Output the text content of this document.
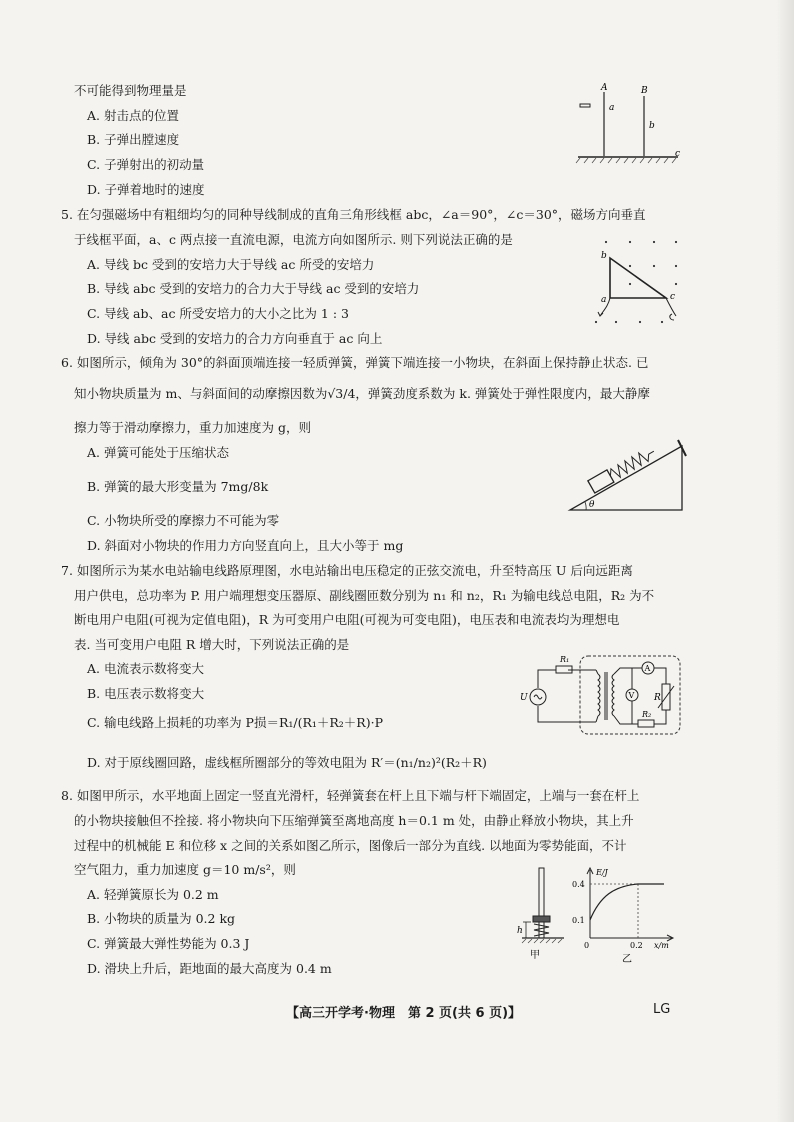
不可能得到物理量是
A. 射击点的位置
B. 子弹出膛速度
C. 子弹射出的初动量
D. 子弹着地时的速度
A	B
a
b
c
5. 在匀强磁场中有粗细均匀的同种导线制成的直角三角形线框 abc，∠a＝90°，∠c＝30°，磁场方向垂直
于线框平面，a、c 两点接一直流电源，电流方向如图所示. 则下列说法正确的是
A. 导线 bc 受到的安培力大于导线 ac 所受的安培力
B. 导线 abc 受到的安培力的合力大于导线 ac 受到的安培力
C. 导线 ab、ac 所受安培力的大小之比为 1 : 3
D. 导线 abc 受到的安培力的合力方向垂直于 ac 向上
b
a	c
6. 如图所示，倾角为 30°的斜面顶端连接一轻质弹簧，弹簧下端连接一小物块，在斜面上保持静止状态. 已
知小物块质量为 m、与斜面间的动摩擦因数为√3/4，弹簧劲度系数为 k. 弹簧处于弹性限度内，最大静摩
擦力等于滑动摩擦力，重力加速度为 g，则
A. 弹簧可能处于压缩状态
B. 弹簧的最大形变量为 7mg/8k
C. 小物块所受的摩擦力不可能为零
D. 斜面对小物块的作用力方向竖直向上，且大小等于 mg
θ
7. 如图所示为某水电站输电线路原理图，水电站输出电压稳定的正弦交流电，升至特高压 U 后向远距离
用户供电，总功率为 P. 用户端理想变压器原、副线圈匝数分别为 n₁ 和 n₂，R₁ 为输电线总电阻，R₂ 为不
断电用户电阻(可视为定值电阻)，R 为可变用户电阻(可视为可变电阻)，电压表和电流表均为理想电
表. 当可变用户电阻 R 增大时，下列说法正确的是
A. 电流表示数将变大
B. 电压表示数将变大
C. 输电线路上损耗的功率为 P损＝R₁/(R₁＋R₂＋R)·P
D. 对于原线圈回路，虚线框所圈部分的等效电阻为 R′＝(n₁/n₂)²(R₂＋R)
A
V
R₁
R₂
R
U
8. 如图甲所示，水平地面上固定一竖直光滑杆，轻弹簧套在杆上且下端与杆下端固定，上端与一套在杆上
的小物块接触但不拴接. 将小物块向下压缩弹簧至离地高度 h＝0.1 m 处，由静止释放小物块，其上升
过程中的机械能 E 和位移 x 之间的关系如图乙所示，图像后一部分为直线. 以地面为零势能面，不计
空气阻力，重力加速度 g＝10 m/s²，则
A. 轻弹簧原长为 0.2 m
B. 小物块的质量为 0.2 kg
C. 弹簧最大弹性势能为 0.3 J
D. 滑块上升后，距地面的最大高度为 0.4 m
h
甲
E/J
0.4
0.1
0	0.2 x/m
乙
【高三开学考·物理　第 2 页(共 6 页)】	LG
